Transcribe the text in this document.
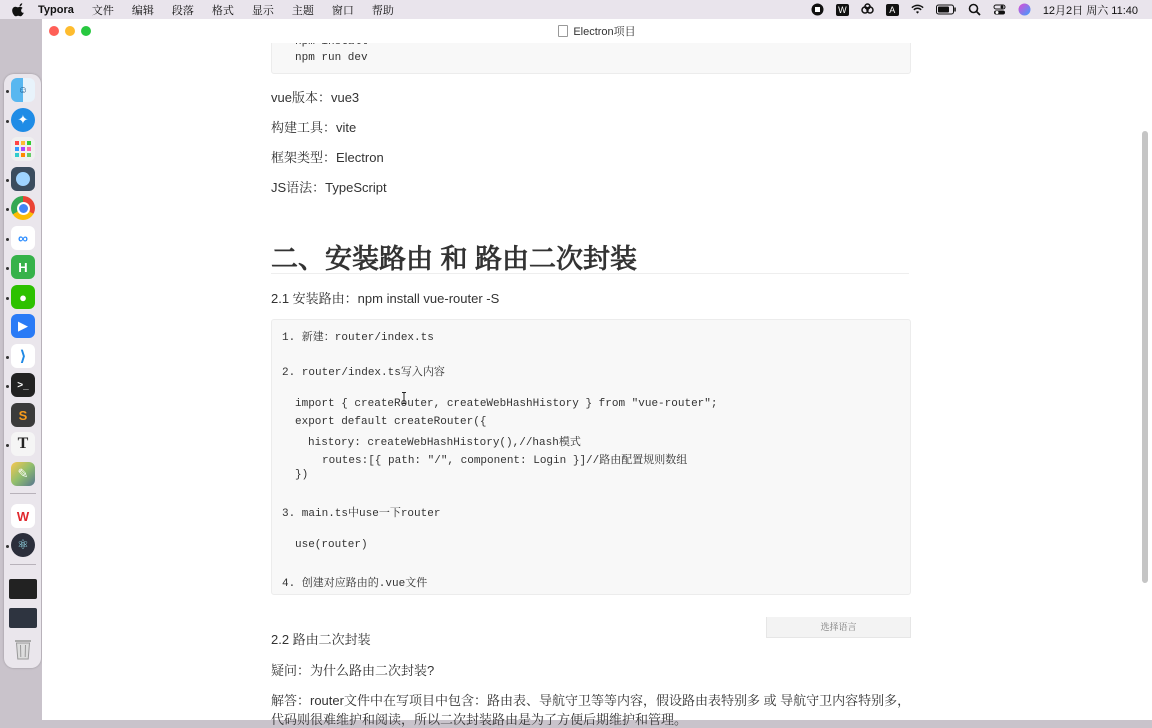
Typora 文件 编辑 段落 格式 显示 主题 窗口 帮助	W	A	12月2日 周六 11:40
☺
✦
∞
H
●
▶
⟩
>_
S
T
✎
W
⚛
Electron项目
npm run dev
vue版本：vue3
构建工具：vite
框架类型：Electron
JS语法：TypeScript
二、安装路由 和 路由二次封装
2.1 安装路由：npm install vue-router -S
1. 新建：router/index.ts
2. router/index.ts写入内容
import { createRouter, createWebHashHistory } from "vue-router";
export default createRouter({
history: createWebHashHistory(),//hash模式
routes:[{ path: "/", component: Login }]//路由配置规则数组
})
3. main.ts中use一下router
use(router)
4. 创建对应路由的.vue文件
选择语言
2.2 路由二次封装
疑问：为什么路由二次封装?
解答：router文件中在写项目中包含：路由表、导航守卫等等内容，假设路由表特别多 或 导航守卫内容特别多，
代码则很难维护和阅读，所以二次封装路由是为了方便后期维护和管理。
